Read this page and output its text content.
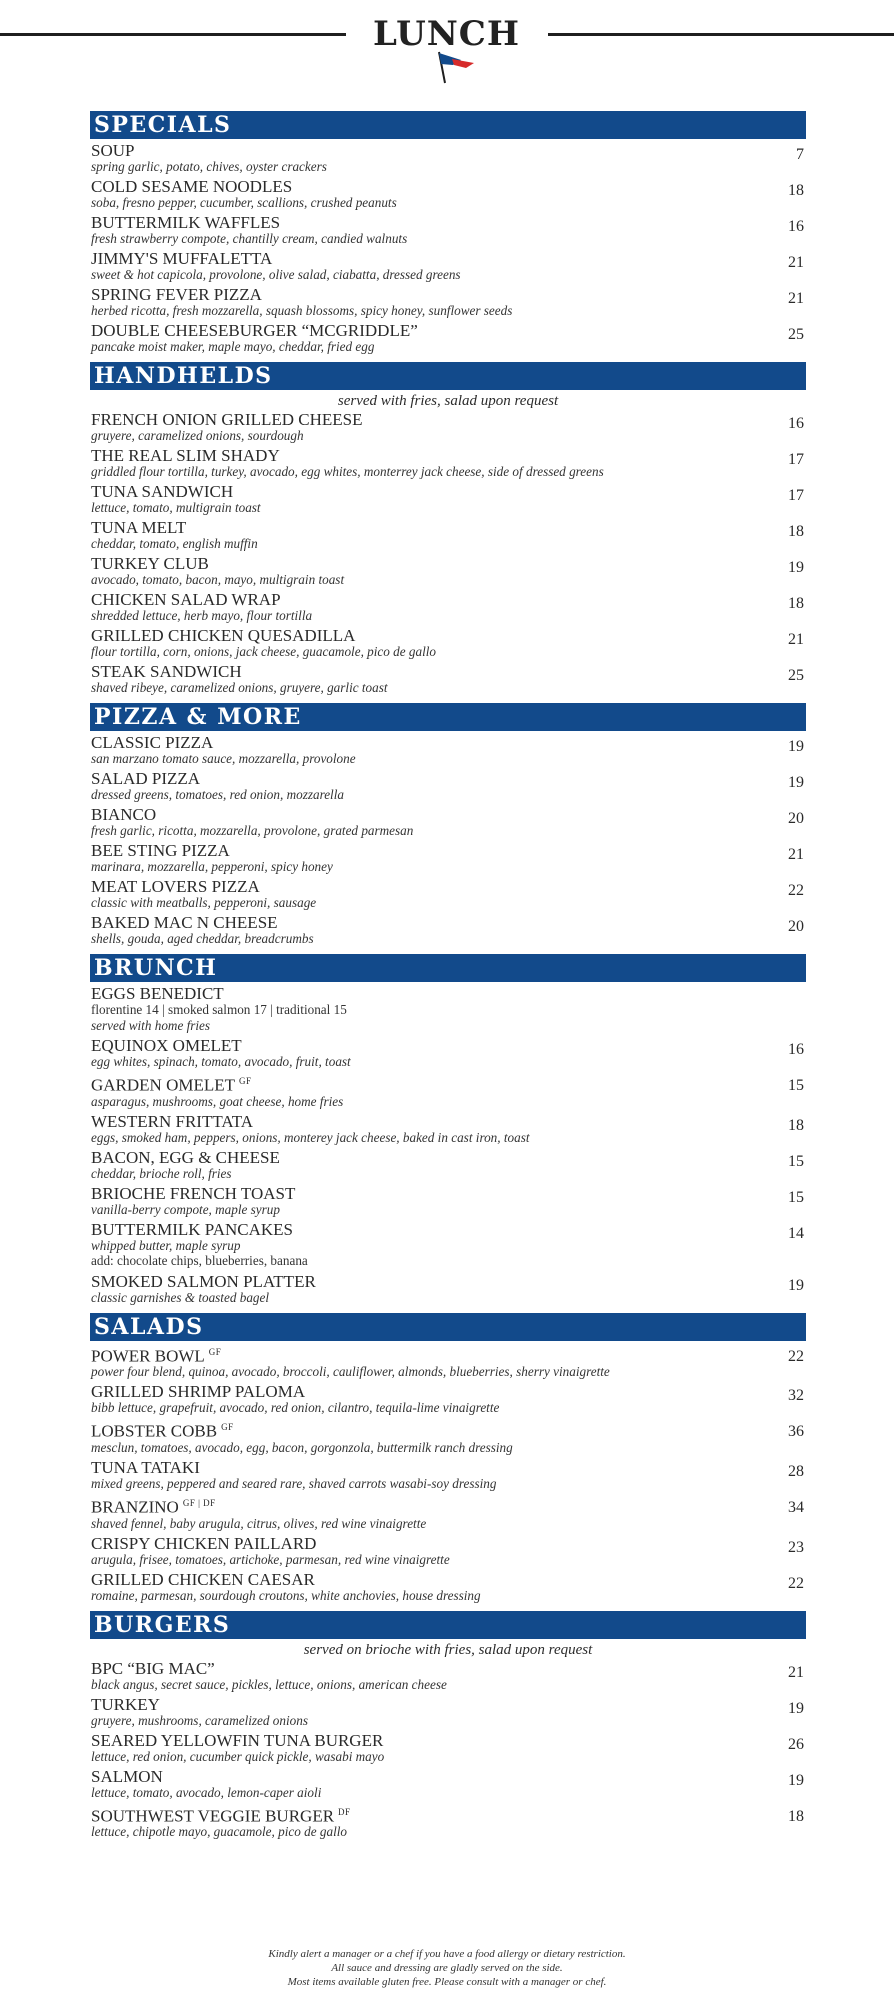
LUNCH
SPECIALS
SOUP
spring garlic, potato, chives, oyster crackers
7
COLD SESAME NOODLES
soba, fresno pepper, cucumber, scallions, crushed peanuts
18
BUTTERMILK WAFFLES
fresh strawberry compote, chantilly cream, candied walnuts
16
JIMMY'S MUFFALETTA
sweet & hot capicola, provolone, olive salad, ciabatta, dressed greens
21
SPRING FEVER PIZZA
herbed ricotta, fresh mozzarella, squash blossoms, spicy honey, sunflower seeds
21
DOUBLE CHEESEBURGER “MCGRIDDLE”
pancake moist maker, maple mayo, cheddar, fried egg
25
HANDHELDS
served with fries, salad upon request
FRENCH ONION GRILLED CHEESE
gruyere, caramelized onions, sourdough
16
THE REAL SLIM SHADY
griddled flour tortilla, turkey, avocado, egg whites, monterrey jack cheese, side of dressed greens
17
TUNA SANDWICH
lettuce, tomato, multigrain toast
17
TUNA MELT
cheddar, tomato, english muffin
18
TURKEY CLUB
avocado, tomato, bacon, mayo, multigrain toast
19
CHICKEN SALAD WRAP
shredded lettuce, herb mayo, flour tortilla
18
GRILLED CHICKEN QUESADILLA
flour tortilla, corn, onions, jack cheese, guacamole, pico de gallo
21
STEAK SANDWICH
shaved ribeye, caramelized onions, gruyere, garlic toast
25
PIZZA & MORE
CLASSIC PIZZA
san marzano tomato sauce, mozzarella, provolone
19
SALAD PIZZA
dressed greens, tomatoes, red onion, mozzarella
19
BIANCO
fresh garlic, ricotta, mozzarella, provolone, grated parmesan
20
BEE STING PIZZA
marinara, mozzarella, pepperoni, spicy honey
21
MEAT LOVERS PIZZA
classic with meatballs, pepperoni, sausage
22
BAKED MAC N CHEESE
shells, gouda, aged cheddar, breadcrumbs
20
BRUNCH
EGGS BENEDICT
florentine 14 | smoked salmon 17 | traditional 15
served with home fries
EQUINOX OMELET
egg whites, spinach, tomato, avocado, fruit, toast
16
GARDEN OMELET $^{GF}$
asparagus, mushrooms, goat cheese, home fries
15
WESTERN FRITTATA
eggs, smoked ham, peppers, onions, monterey jack cheese, baked in cast iron, toast
18
BACON, EGG & CHEESE
cheddar, brioche roll, fries
15
BRIOCHE FRENCH TOAST
vanilla-berry compote, maple syrup
15
BUTTERMILK PANCAKES
whipped butter, maple syrup
add: chocolate chips, blueberries, banana
14
SMOKED SALMON PLATTER
classic garnishes & toasted bagel
19
SALADS
POWER BOWL $^{GF}$
power four blend, quinoa, avocado, broccoli, cauliflower, almonds, blueberries, sherry vinaigrette
22
GRILLED SHRIMP PALOMA
bibb lettuce, grapefruit, avocado, red onion, cilantro, tequila-lime vinaigrette
32
LOBSTER COBB $^{GF}$
mesclun, tomatoes, avocado, egg, bacon, gorgonzola, buttermilk ranch dressing
36
TUNA TATAKI
mixed greens, peppered and seared rare, shaved carrots wasabi-soy dressing
28
BRANZINO $^{GF | DF}$
shaved fennel, baby arugula, citrus, olives, red wine vinaigrette
34
CRISPY CHICKEN PAILLARD
arugula, frisee, tomatoes, artichoke, parmesan, red wine vinaigrette
23
GRILLED CHICKEN CAESAR
romaine, parmesan, sourdough croutons, white anchovies, house dressing
22
BURGERS
served on brioche with fries, salad upon request
BPC “BIG MAC”
black angus, secret sauce, pickles, lettuce, onions, american cheese
21
TURKEY
gruyere, mushrooms, caramelized onions
19
SEARED YELLOWFIN TUNA BURGER
lettuce, red onion, cucumber quick pickle, wasabi mayo
26
SALMON
lettuce, tomato, avocado, lemon-caper aioli
19
SOUTHWEST VEGGIE BURGER $^{DF}$
lettuce, chipotle mayo, guacamole, pico de gallo
18
Kindly alert a manager or a chef if you have a food allergy or dietary restriction.
All sauce and dressing are gladly served on the side.
Most items available gluten free. Please consult with a manager or chef.
